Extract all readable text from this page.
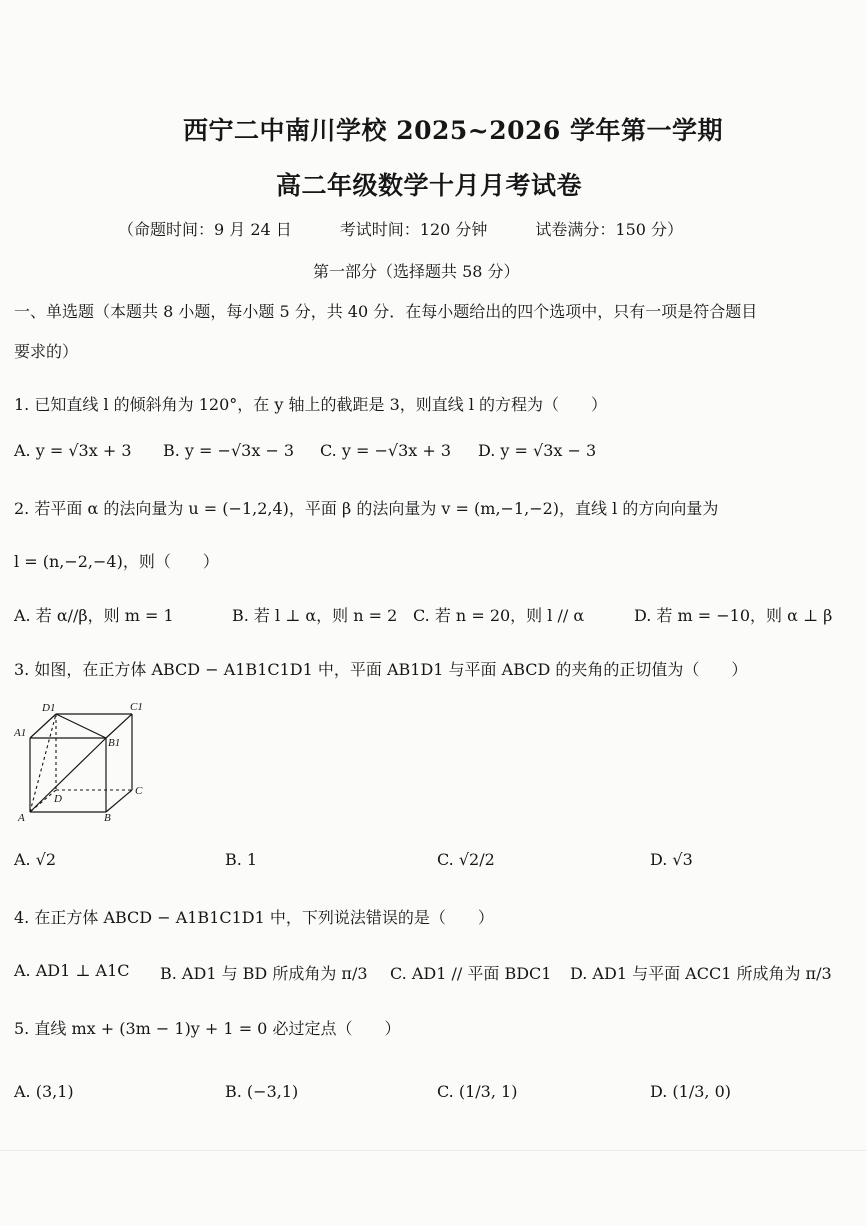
西宁二中南川学校 2025~2026 学年第一学期
高二年级数学十月月考试卷
（命题时间：9 月 24 日　　　考试时间：120 分钟　　　试卷满分：150 分）
第一部分（选择题共 58 分）
一、单选题（本题共 8 小题，每小题 5 分，共 40 分．在每小题给出的四个选项中，只有一项是符合题目
要求的）
1. 已知直线 l 的倾斜角为 120°，在 y 轴上的截距是 3，则直线 l 的方程为（　　）
A. y = √3x + 3 B. y = −√3x − 3 C. y = −√3x + 3 D. y = √3x − 3
2. 若平面 α 的法向量为 u = (−1,2,4)，平面 β 的法向量为 v = (m,−1,−2)，直线 l 的方向向量为
l = (n,−2,−4)，则（　　）
A. 若 α//β，则 m = 1	B. 若 l ⊥ α，则 n = 2 C. 若 n = 20，则 l // α	D. 若 m = −10，则 α ⊥ β
3. 如图，在正方体 ABCD − A1B1C1D1 中，平面 AB1D1 与平面 ABCD 的夹角的正切值为（　　）
D1	C1
A1
B1
D
C
A	B
A. √2	B. 1	C. √2/2	D. √3
4. 在正方体 ABCD − A1B1C1D1 中，下列说法错误的是（　　）
A. AD1 ⊥ A1C B. AD1 与 BD 所成角为 π/3 C. AD1 // 平面 BDC1 D. AD1 与平面 ACC1 所成角为 π/3
5. 直线 mx + (3m − 1)y + 1 = 0 必过定点（　　）
A. (3,1)	B. (−3,1)	C. (1/3, 1)	D. (1/3, 0)
